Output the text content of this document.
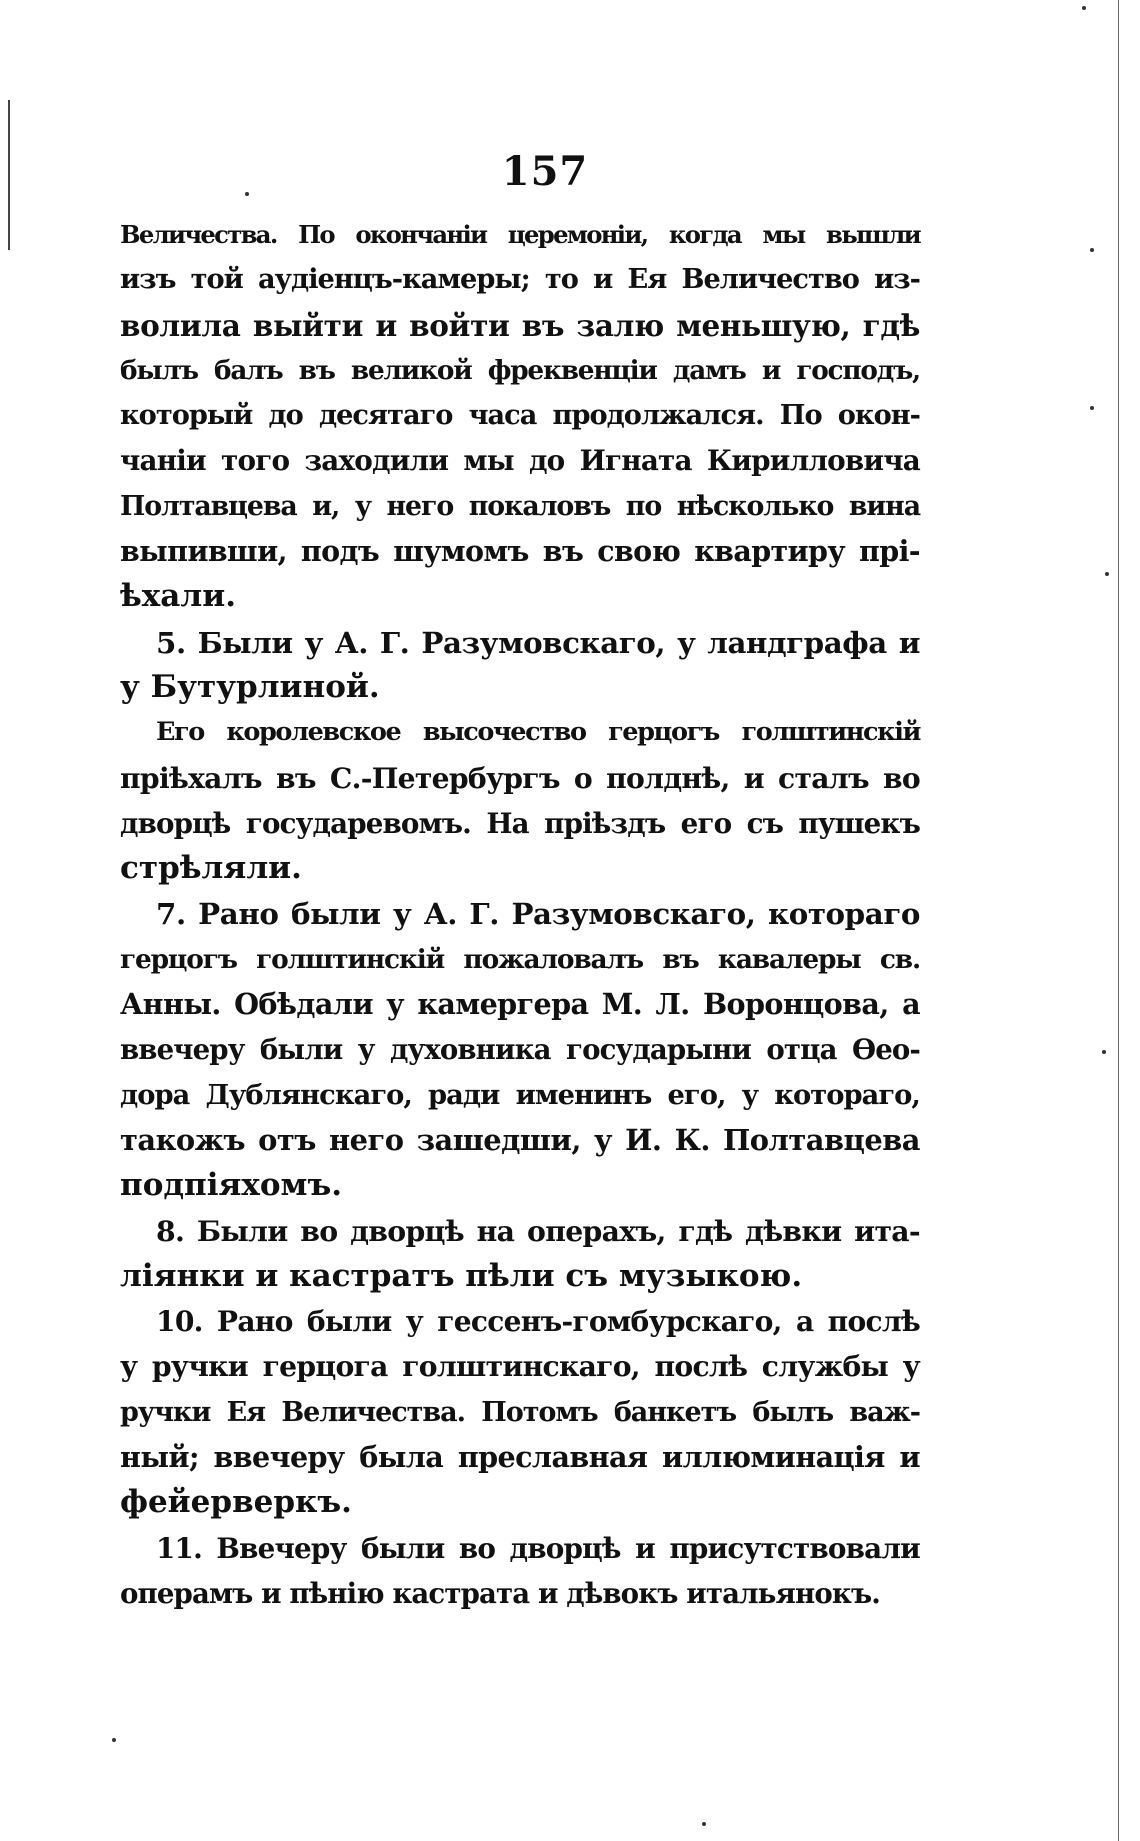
157

Величества. По окончаніи церемоніи, когда мы вышли
изъ той аудіенцъ-камеры; то и Ея Величество из-
волила выйти и войти въ залю меньшую, гдѣ
былъ балъ въ великой фреквенціи дамъ и господъ,
который до десятаго часа продолжался. По окон-
чаніи того заходили мы до Игната Кирилловича
Полтавцева и, у него покаловъ по нѣсколько вина
выпивши, подъ шумомъ въ свою квартиру прі-
ѣхали.

5. Были у А. Г. Разумовскаго, у ландграфа и
у Бутурлиной.

Его королевское высочество герцогъ голштинскій
пріѣхалъ въ С.-Петербургъ о полднѣ, и сталъ во
дворцѣ государевомъ. На пріѣздъ его съ пушекъ
стрѣляли.

7. Рано были у А. Г. Разумовскаго, котораго
герцогъ голштинскій пожаловалъ въ кавалеры св.
Анны. Обѣдали у камергера М. Л. Воронцова, а
ввечеру были у духовника государыни отца Ѳео-
дора Дублянскаго, ради именинъ его, у котораго,
такожъ отъ него зашедши, у И. К. Полтавцева
подпіяхомъ.

8. Были во дворцѣ на операхъ, гдѣ дѣвки ита-
ліянки и кастратъ пѣли съ музыкою.

10. Рано были у гессенъ-гомбурскаго, а послѣ
у ручки герцога голштинскаго, послѣ службы у
ручки Ея Величества. Потомъ банкетъ былъ важ-
ный; ввечеру была преславная иллюминація и
фейерверкъ.

11. Ввечеру были во дворцѣ и присутствовали
операмъ и пѣнію кастрата и дѣвокъ итальянокъ.
